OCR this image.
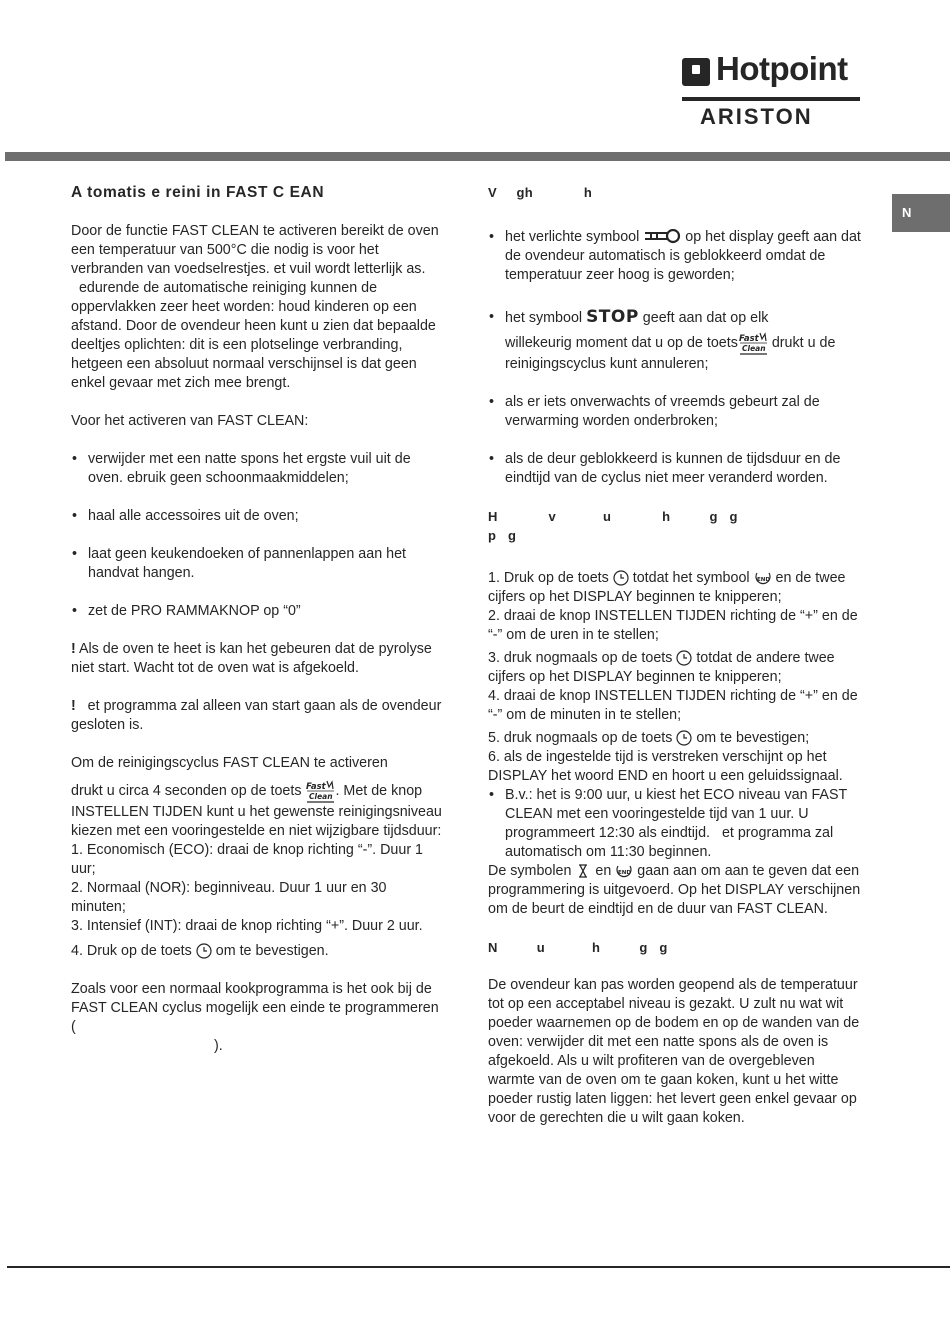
Hotpoint
ARISTON
N
A tomatis e reini in FAST C EAN

Door de functie FAST CLEAN te activeren bereikt de oven een temperatuur van 500°C die nodig is voor het verbranden van voedselrestjes. et vuil wordt letterlijk as.

edurende de automatische reiniging kunnen de oppervlakken zeer heet worden: houd kinderen op een afstand. Door de ovendeur heen kunt u zien dat bepaalde deeltjes oplichten: dit is een plotselinge verbranding, hetgeen een absoluut normaal verschijnsel is dat geen enkel gevaar met zich mee brengt.

Voor het activeren van FAST CLEAN:

• verwijder met een natte spons het ergste vuil uit de oven. ebruik geen schoonmaakmiddelen;
• haal alle accessoires uit de oven;
• laat geen keukendoeken of pannenlappen aan het handvat hangen.
• zet de PRO RAMMAKNOP op “0”

! Als de oven te heet is kan het gebeuren dat de pyrolyse niet start. Wacht tot de oven wat is afgekoeld.

!   et programma zal alleen van start gaan als de ovendeur gesloten is.

Om de reinigingscyclus FAST CLEAN te activeren

drukt u circa 4 seconden op de toets Fast
Clean . Met de knop INSTELLEN TIJDEN kunt u het gewenste reinigingsniveau kiezen met een vooringestelde en niet wijzigbare tijdsduur:

1. Economisch (ECO): draai de knop richting “-”. Duur 1 uur;
2. Normaal (NOR): beginniveau. Duur 1 uur en 30 minuten;
3. Intensief (INT): draai de knop richting “+”. Duur 2 uur.

4. Druk op de toets  om te bevestigen.

Zoals voor een normaal kookprogramma is het ook bij de FAST CLEAN cyclus mogelijk een einde te programmeren (
).

V     gh             h
• het verlichte symbool	op het display geeft aan dat de ovendeur automatisch is geblokkeerd omdat de temperatuur zeer hoog is geworden;
• het symbool STOP geeft aan dat op elk
willekeurig moment dat u op de toets Fast
Clean drukt u de reinigingscyclus kunt annuleren;
• als er iets onverwachts of vreemds gebeurt zal de verwarming worden onderbroken;
• als de deur geblokkeerd is kunnen de tijdsduur en de eindtijd van de cyclus niet meer veranderd worden.
H             v            u             h          g   g
p   g
1. Druk op de toets  totdat het symbool END en de twee cijfers op het DISPLAY beginnen te knipperen;
2. draai de knop INSTELLEN TIJDEN richting de “+” en de “-” om de uren in te stellen;
3. druk nogmaals op de toets  totdat de andere twee cijfers op het DISPLAY beginnen te knipperen;
4. draai de knop INSTELLEN TIJDEN richting de “+” en de “-” om de minuten in te stellen;
5. druk nogmaals op de toets  om te bevestigen;
6. als de ingestelde tijd is verstreken verschijnt op het DISPLAY het woord END en hoort u een geluidssignaal.
• B.v.: het is 9:00 uur, u kiest het ECO niveau van FAST CLEAN met een vooringestelde tijd van 1 uur. U programmeert 12:30 als eindtijd.   et programma zal automatisch om 11:30 beginnen.

De symbolen  en END gaan aan om aan te geven dat een programmering is uitgevoerd. Op het DISPLAY verschijnen om de beurt de eindtijd en de duur van FAST CLEAN.

N          u            h          g   g

De ovendeur kan pas worden geopend als de temperatuur tot op een acceptabel niveau is gezakt. U zult nu wat wit poeder waarnemen op de bodem en op de wanden van de oven: verwijder dit met een natte spons als de oven is afgekoeld. Als u wilt profiteren van de overgebleven warmte van de oven om te gaan koken, kunt u het witte poeder rustig laten liggen: het levert geen enkel gevaar op voor de gerechten die u wilt gaan koken.
